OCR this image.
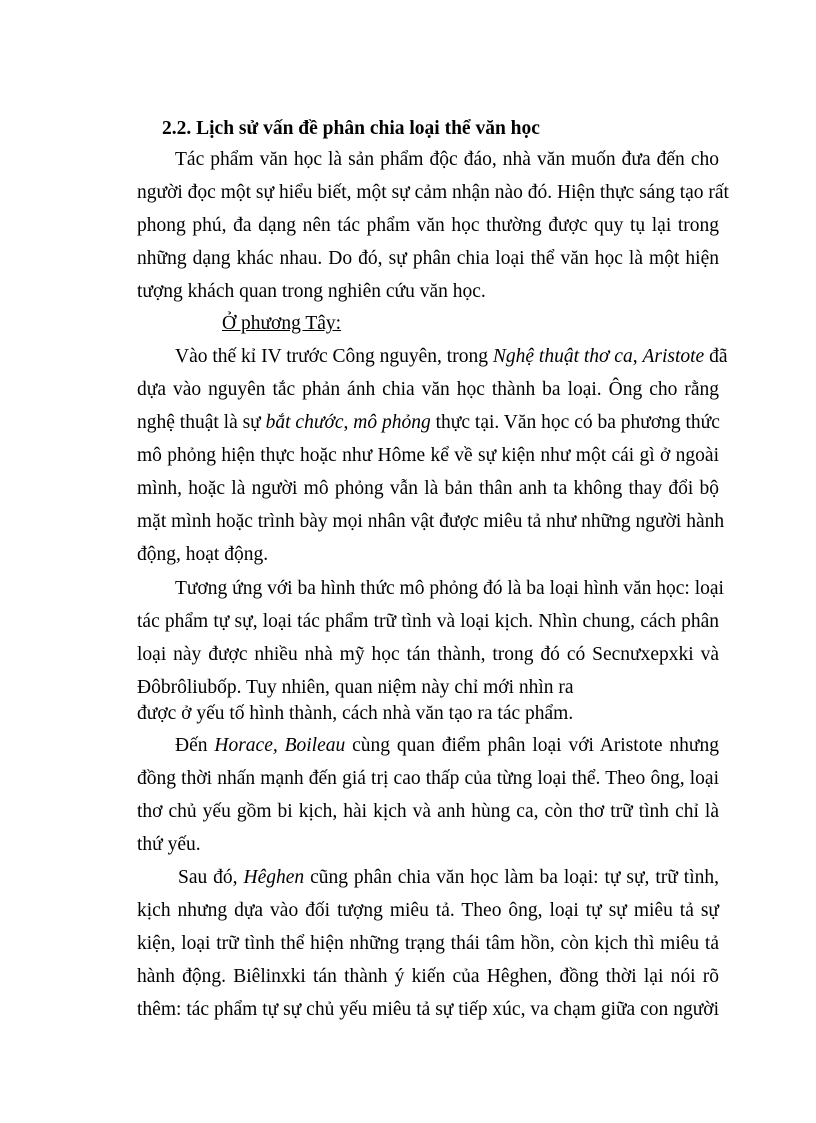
2.2. Lịch sử vấn đề phân chia loại thể văn học
Tác phẩm văn học là sản phẩm độc đáo, nhà văn muốn đưa đến cho
người đọc một sự hiểu biết, một sự cảm nhận nào đó. Hiện thực sáng tạo rất
phong phú, đa dạng nên tác phẩm văn học thường được quy tụ lại trong
những dạng khác nhau. Do đó, sự phân chia loại thể văn học là một hiện
tượng khách quan trong nghiên cứu văn học.
Ở phương Tây:
Vào thế kỉ IV trước Công nguyên, trong Nghệ thuật thơ ca, Aristote đã
dựa vào nguyên tắc phản ánh chia văn học thành ba loại. Ông cho rằng
nghệ thuật là sự bắt chước, mô phỏng thực tại. Văn học có ba phương thức
mô phỏng hiện thực hoặc như Hôme kể về sự kiện như một cái gì ở ngoài
mình, hoặc là người mô phỏng vẫn là bản thân anh ta không thay đổi bộ
mặt mình hoặc trình bày mọi nhân vật được miêu tả như những người hành
động, hoạt động.
Tương ứng với ba hình thức mô phỏng đó là ba loại hình văn học: loại
tác phẩm tự sự, loại tác phẩm trữ tình và loại kịch. Nhìn chung, cách phân
loại này được nhiều nhà mỹ học tán thành, trong đó có Secnưxepxki và
Đôbrôliubốp. Tuy nhiên, quan niệm này chỉ mới nhìn ra
được ở yếu tố hình thành, cách nhà văn tạo ra tác phẩm.
Đến Horace, Boileau cùng quan điểm phân loại với Aristote nhưng
đồng thời nhấn mạnh đến giá trị cao thấp của từng loại thể. Theo ông, loại
thơ chủ yếu gồm bi kịch, hài kịch và anh hùng ca, còn thơ trữ tình chỉ là
thứ yếu.
Sau đó, Hêghen cũng phân chia văn học làm ba loại: tự sự, trữ tình,
kịch nhưng dựa vào đối tượng miêu tả. Theo ông, loại tự sự miêu tả sự
kiện, loại trữ tình thể hiện những trạng thái tâm hồn, còn kịch thì miêu tả
hành động. Biêlinxki tán thành ý kiến của Hêghen, đồng thời lại nói rõ
thêm: tác phẩm tự sự chủ yếu miêu tả sự tiếp xúc, va chạm giữa con người
